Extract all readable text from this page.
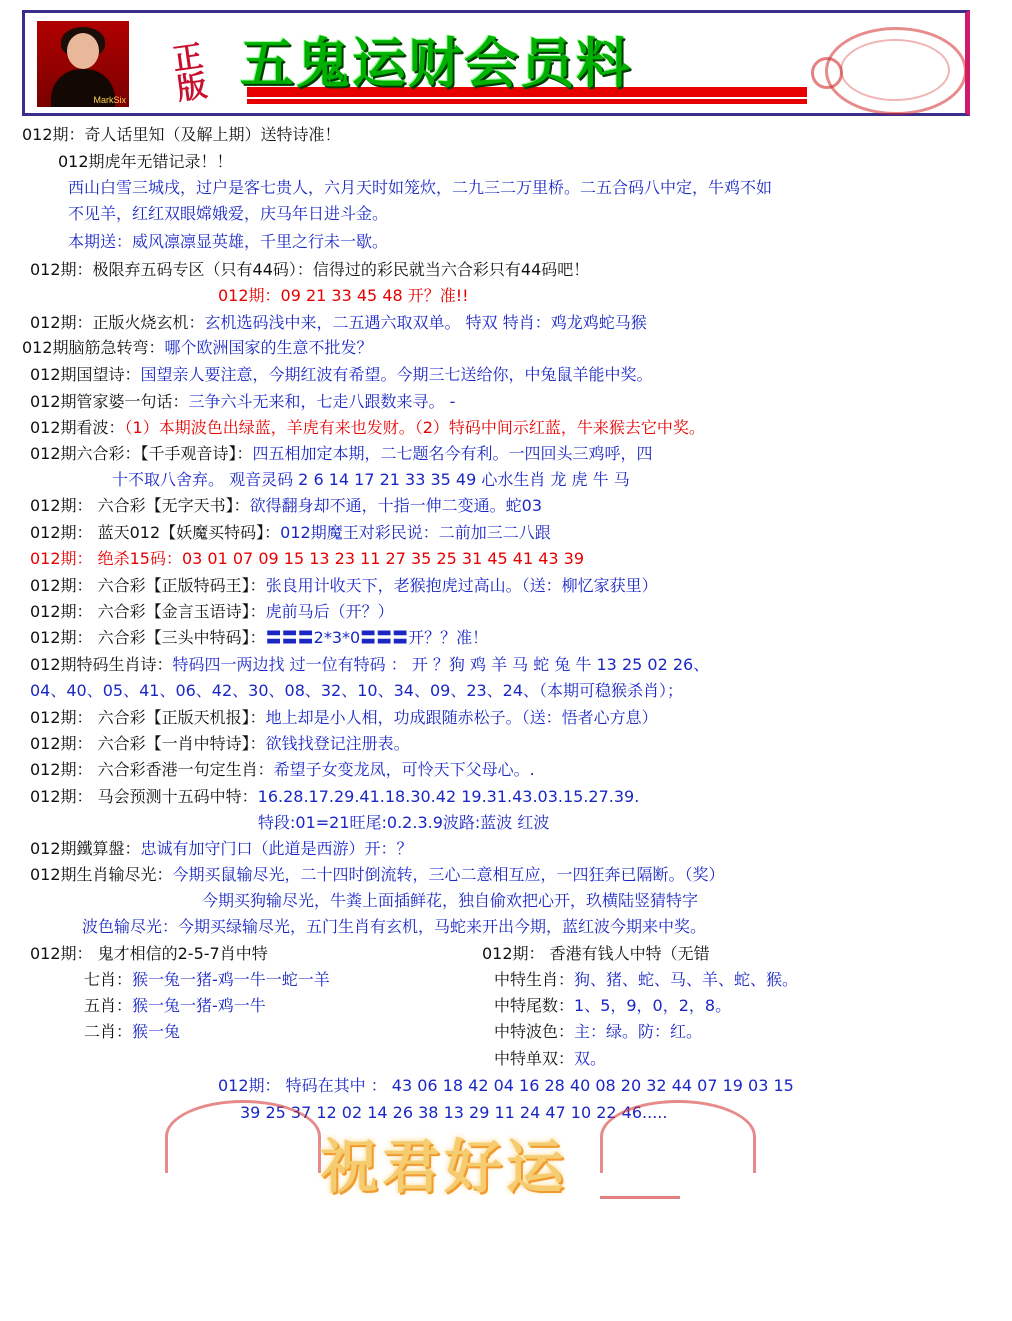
MarkSix
正版 五鬼运财会员料
012期：奇人话里知（及解上期）送特诗准！
012期虎年无错记录！！
西山白雪三城戌，过户是客七贵人，六月天时如笼炊，二九三二万里桥。二五合码八中定，牛鸡不如
不见羊，红红双眼嫦娥爱，庆马年日进斗金。
本期送：威风凛凛显英雄，千里之行未一歇。
012期：极限弃五码专区（只有44码）：信得过的彩民就当六合彩只有44码吧！
012期：09 21 33 45 48 开？准!!
012期：正版火烧玄机：玄机选码浅中来，二五遇六取双单。 特双 特肖：鸡龙鸡蛇马猴
012期脑筋急转弯：哪个欧洲国家的生意不批发？
012期国望诗：国望亲人要注意，今期红波有希望。今期三七送给你，中兔鼠羊能中奖。
012期管家婆一句话：三争六斗无来和，七走八跟数来寻。 -
012期看波：（1）本期波色出绿蓝，羊虎有来也发财。（2）特码中间示红蓝，牛来猴去它中奖。
012期六合彩：【千手观音诗】：四五相加定本期，二七题名今有利。一四回头三鸡呼，四
十不取八舍弃。 观音灵码 2 6 14 17 21 33 35 49 心水生肖 龙 虎 牛 马
012期： 六合彩【无字天书】：欲得翻身却不通，十指一伸二变通。蛇03
012期： 蓝天012【妖魔买特码】：012期魔王对彩民说：二前加三二八跟
012期： 绝杀15码：03 01 07 09 15 13 23 11 27 35 25 31 45 41 43 39
012期： 六合彩【正版特码王】：张良用计收天下，老猴抱虎过高山。（送：柳忆家获里）
012期： 六合彩【金言玉语诗】：虎前马后（开？）
012期： 六合彩【三头中特码】：〓〓〓2*3*0〓〓〓开？？准！
012期特码生肖诗：特码四一两边找 过一位有特码 ： 开 ？狗 鸡 羊 马 蛇 兔 牛 13 25 02 26、
04、40、05、41、06、42、30、08、32、10、34、09、23、24、（本期可稳猴杀肖）；
012期： 六合彩【正版天机报】：地上却是小人相，功成跟随赤松子。（送：悟者心方息）
012期： 六合彩【一肖中特诗】：欲钱找登记注册表。
012期： 六合彩香港一句定生肖：希望子女变龙凤，可怜天下父母心。.
012期： 马会预测十五码中特：16.28.17.29.41.18.30.42 19.31.43.03.15.27.39.
特段:01=21旺尾:0.2.3.9波路:蓝波 红波
012期鐵算盤：忠诚有加守门口（此道是西游）开：？
012期生肖输尽光：今期买鼠输尽光，二十四时倒流转，三心二意相互应，一四狂奔已隔断。（奖）
今期买狗输尽光，牛粪上面插鲜花，独自偷欢把心开，玖横陆竖猜特字
波色输尽光：今期买绿输尽光，五门生肖有玄机，马蛇来开出今期，蓝红波今期来中奖。
012期： 鬼才相信的2-5-7肖中特
七肖：猴一兔一猪-鸡一牛一蛇一羊
五肖：猴一兔一猪-鸡一牛
二肖：猴一兔
012期： 香港有钱人中特（无错
中特生肖：狗、猪、蛇、马、羊、蛇、猴。
中特尾数：1、5，9，0，2，8。
中特波色：主：绿。防：红。
中特单双：双。
012期： 特码在其中 ： 43 06 18 42 04 16 28 40 08 20 32 44 07 19 03 15
39 25 37 12 02 14 26 38 13 29 11 24 47 10 22 46.....
祝君好运
